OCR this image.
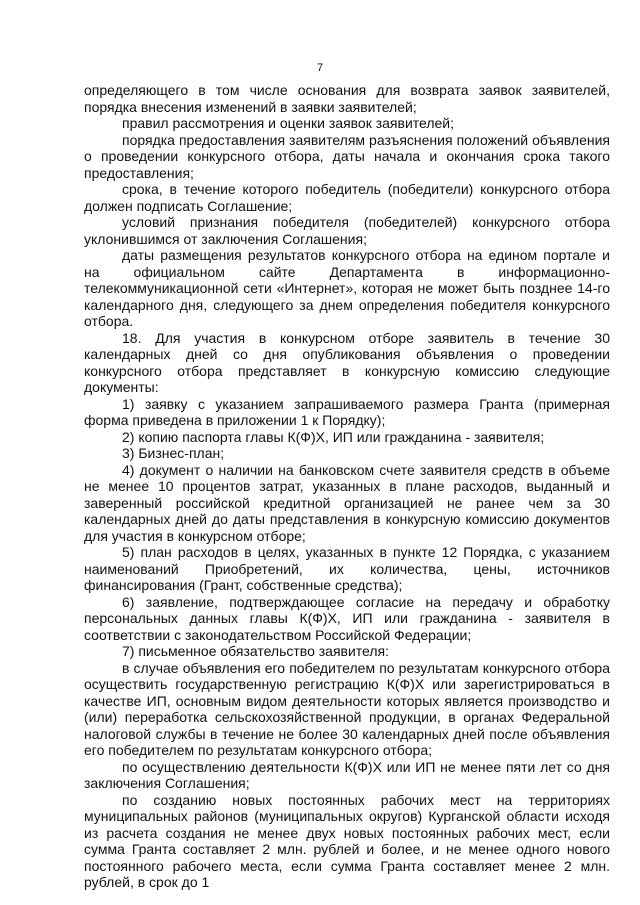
7

определяющего в том числе основания для возврата заявок заявителей, порядка внесения изменений в заявки заявителей;

правил рассмотрения и оценки заявок заявителей;

порядка предоставления заявителям разъяснения положений объявления о проведении конкурсного отбора, даты начала и окончания срока такого предоставления;

срока, в течение которого победитель (победители) конкурсного отбора должен подписать Соглашение;

условий признания победителя (победителей) конкурсного отбора уклонившимся от заключения Соглашения;

даты размещения результатов конкурсного отбора на едином портале и на официальном сайте Департамента в информационно-телекоммуникационной сети «Интернет», которая не может быть позднее 14-го календарного дня, следующего за днем определения победителя конкурсного отбора.

18. Для участия в конкурсном отборе заявитель в течение 30 календарных дней со дня опубликования объявления о проведении конкурсного отбора представляет в конкурсную комиссию следующие документы:

1) заявку с указанием запрашиваемого размера Гранта (примерная форма приведена в приложении 1 к Порядку);

2) копию паспорта главы К(Ф)Х, ИП или гражданина - заявителя;

3) Бизнес-план;

4) документ о наличии на банковском счете заявителя средств в объеме не менее 10 процентов затрат, указанных в плане расходов, выданный и заверенный российской кредитной организацией не ранее чем за 30 календарных дней до даты представления в конкурсную комиссию документов для участия в конкурсном отборе;

5) план расходов в целях, указанных в пункте 12 Порядка, с указанием наименований Приобретений, их количества, цены, источников финансирования (Грант, собственные средства);

6) заявление, подтверждающее согласие на передачу и обработку персональных данных главы К(Ф)Х, ИП или гражданина - заявителя в соответствии с законодательством Российской Федерации;

7) письменное обязательство заявителя:

в случае объявления его победителем по результатам конкурсного отбора осуществить государственную регистрацию К(Ф)Х или зарегистрироваться в качестве ИП, основным видом деятельности которых является производство и (или) переработка сельскохозяйственной продукции, в органах Федеральной налоговой службы в течение не более 30 календарных дней после объявления его победителем по результатам конкурсного отбора;

по осуществлению деятельности К(Ф)Х или ИП не менее пяти лет со дня заключения Соглашения;

по созданию новых постоянных рабочих мест на территориях муниципальных районов (муниципальных округов) Курганской области исходя из расчета создания не менее двух новых постоянных рабочих мест, если сумма Гранта составляет 2 млн. рублей и более, и не менее одного нового постоянного рабочего места, если сумма Гранта составляет менее 2 млн. рублей, в срок до 1
